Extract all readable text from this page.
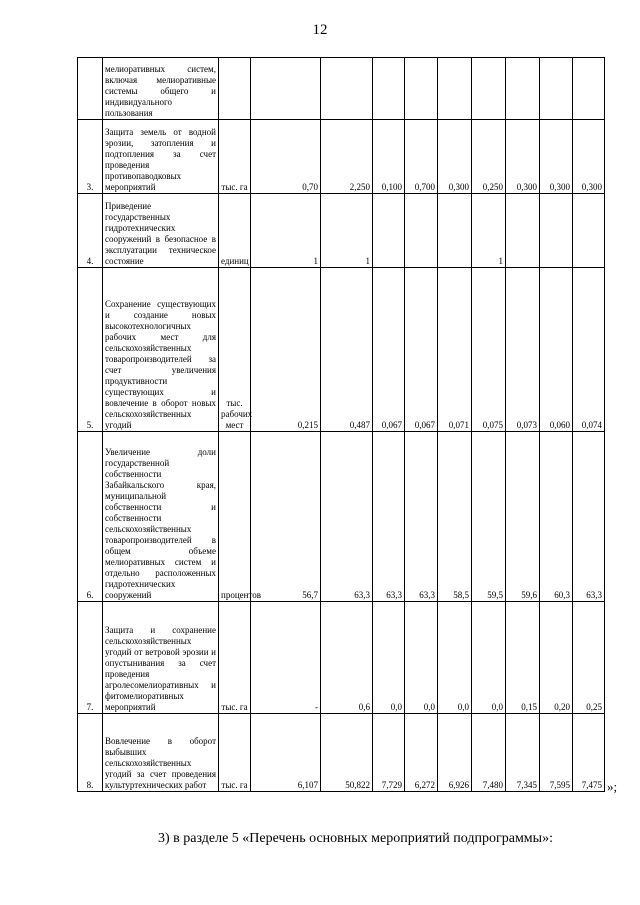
12
	мелиоративных систем, включая мелиоративные системы общего и индивидуального пользования										
3.	Защита земель от водной эрозии, затопления и подтопления за счет проведения противопаводковых мероприятий	тыс. га	0,70	2,250	0,100	0,700	0,300	0,250	0,300	0,300	0,300
4.	Приведение государственных гидротехнических сооружений в безопасное в эксплуатации техническое состояние	единиц	1	1				1			
5.	Сохранение существующих и создание новых высокотехнологичных рабочих мест для сельскохозяйственных товаропроизводителей за счет увеличения продуктивности существующих и вовлечение в оборот новых сельскохозяйственных угодий	тыс. рабочих мест	0,215	0,487	0,067	0,067	0,071	0,075	0,073	0,060	0,074
6.	Увеличение доли государственной собственности Забайкальского края, муниципальной собственности и собственности сельскохозяйственных товаропроизводителей в общем объеме мелиоративных систем и отдельно расположенных гидротехнических сооружений	процентов	56,7	63,3	63,3	63,3	58,5	59,5	59,6	60,3	63,3
7.	Защита и сохранение сельскохозяйственных угодий от ветровой эрозии и опустынивания за счет проведения агролесомелиоративных и фитомелиоративных мероприятий	тыс. га	-	0,6	0,0	0,0	0,0	0,0	0,15	0,20	0,25
8.	Вовлечение в оборот выбывших сельскохозяйственных угодий за счет проведения культуртехнических работ	тыс. га	6,107	50,822	7,729	6,272	6,926	7,480	7,345	7,595	7,475 »;
3) в разделе 5 «Перечень основных мероприятий подпрограммы»:
